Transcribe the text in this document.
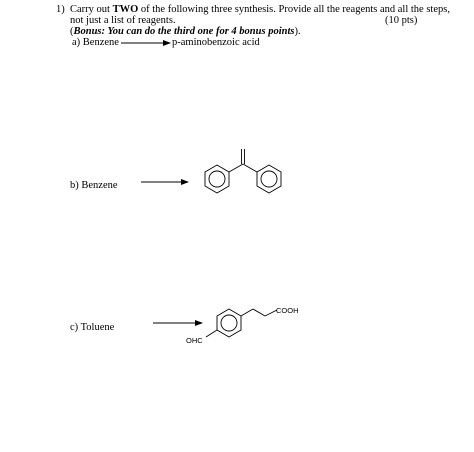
1) Carry out TWO of the following three synthesis. Provide all the reagents and all the steps,
not just a list of reagents.	(10 pts)
(Bonus: You can do the third one for 4 bonus points).
a) Benzene	p-aminobenzoic acid
b) Benzene
c) Toluene
COOH
OHC
